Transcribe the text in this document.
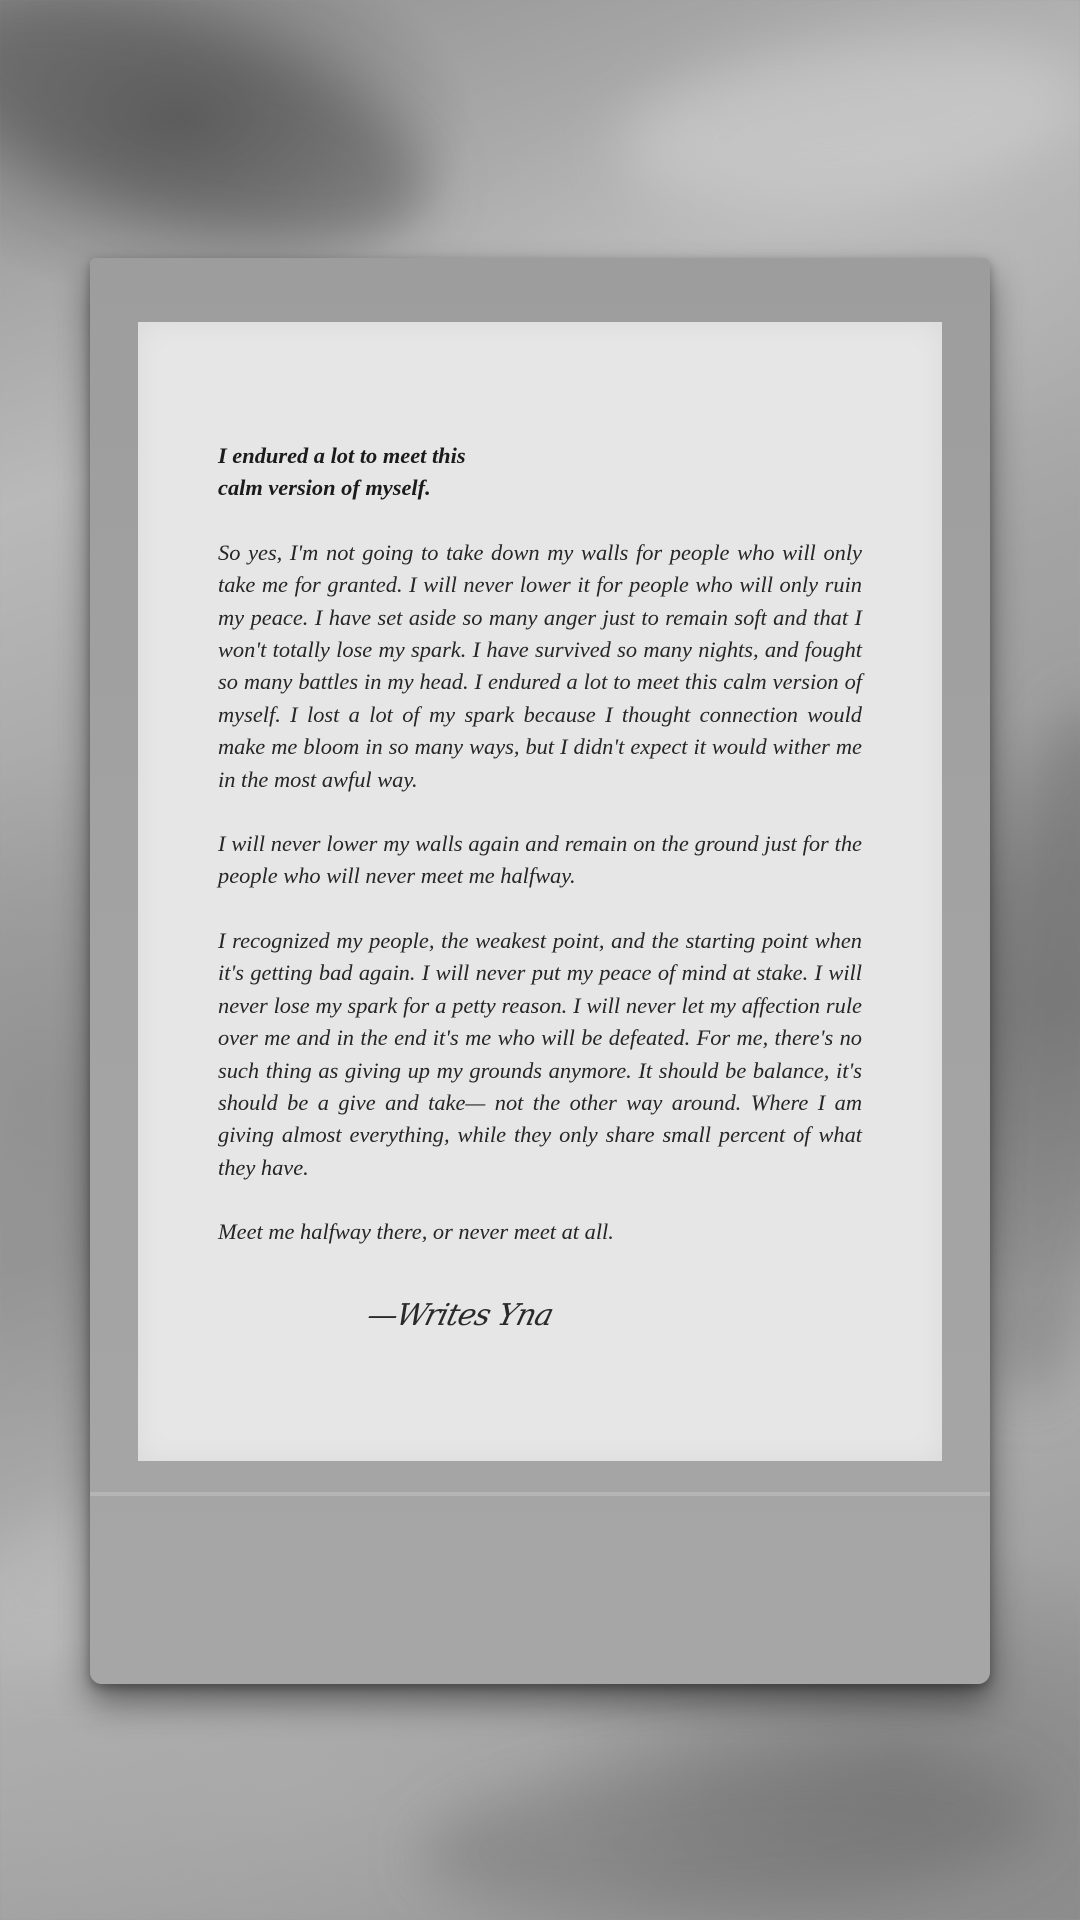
I endured a lot to meet this
calm version of myself.

So yes, I'm not going to take down my walls for people who will only take me for granted. I will never lower it for people who will only ruin my peace. I have set aside so many anger just to remain soft and that I won't totally lose my spark. I have survived so many nights, and fought so many battles in my head. I endured a lot to meet this calm version of myself. I lost a lot of my spark because I thought connection would make me bloom in so many ways, but I didn't expect it would wither me in the most awful way.

I will never lower my walls again and remain on the ground just for the people who will never meet me halfway.

I recognized my people, the weakest point, and the starting point when it's getting bad again. I will never put my peace of mind at stake. I will never lose my spark for a petty reason. I will never let my affection rule over me and in the end it's me who will be defeated. For me, there's no such thing as giving up my grounds anymore. It should be balance, it's should be a give and take— not the other way around. Where I am giving almost everything, while they only share small percent of what they have.

Meet me halfway there, or never meet at all.

—Writes Yna
